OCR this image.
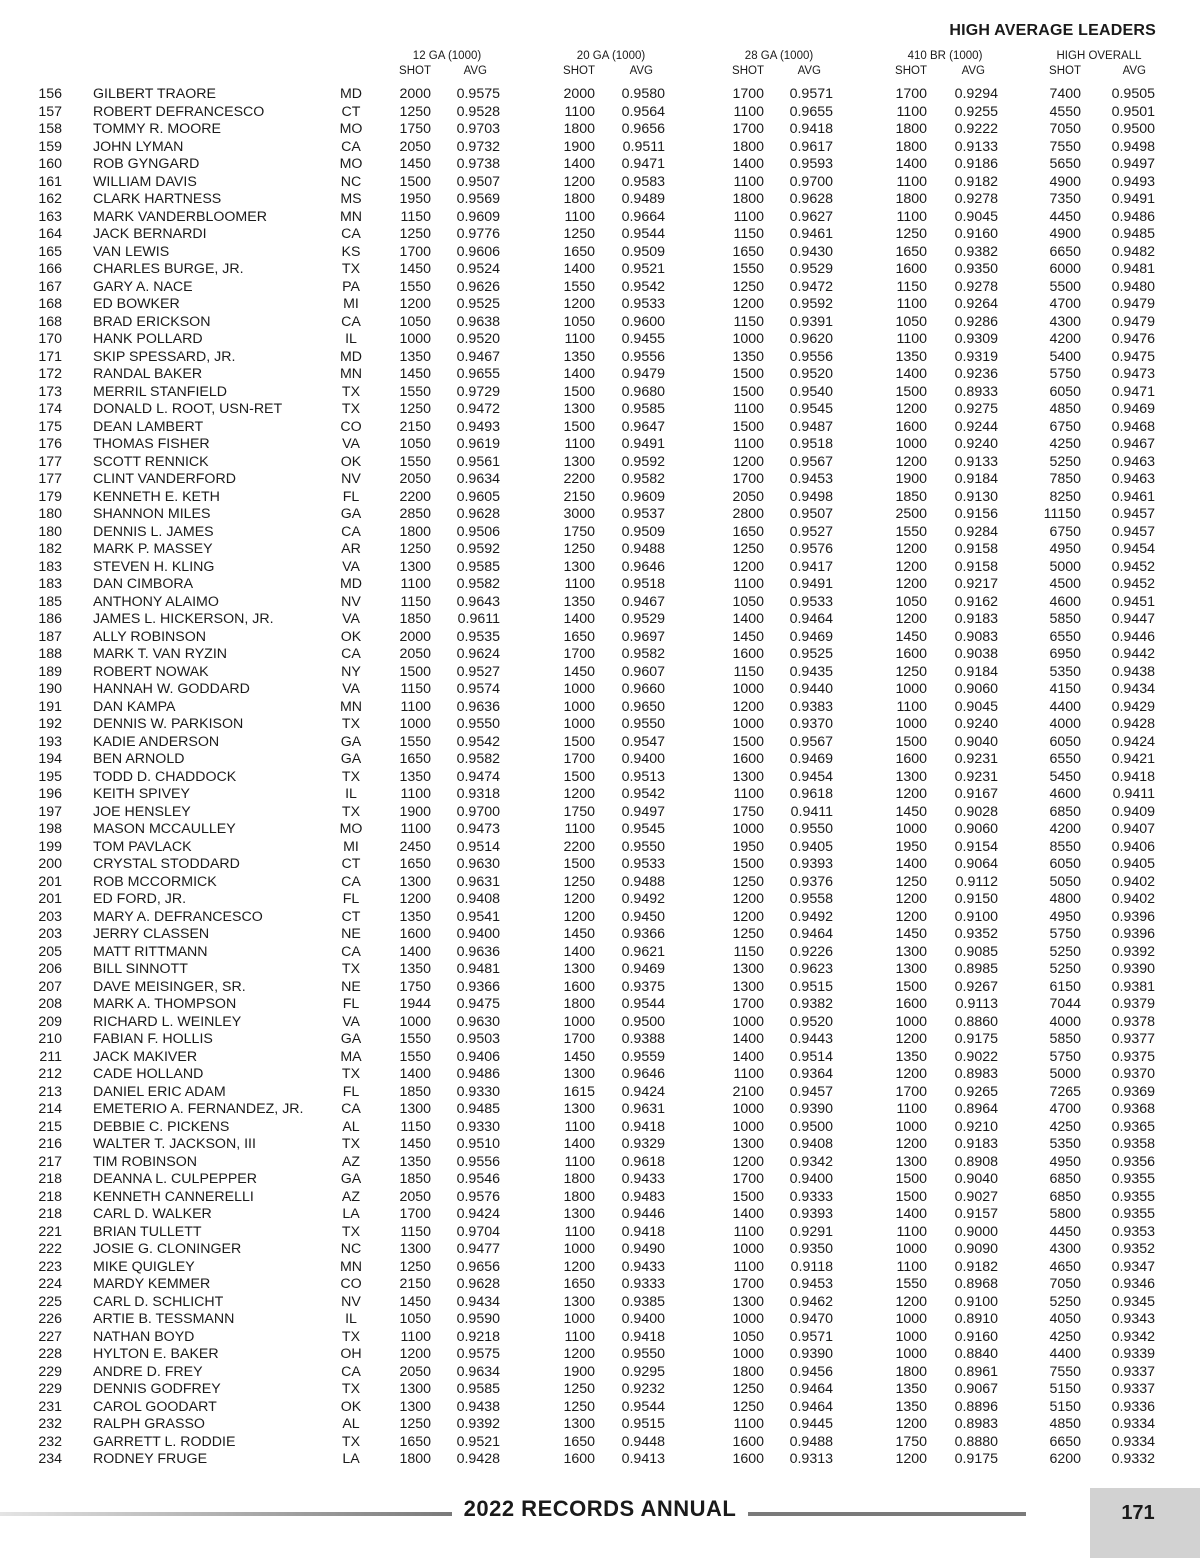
HIGH AVERAGE LEADERS
12 GA (1000)	20 GA (1000)	28 GA (1000)	410 BR (1000)	HIGH OVERALL
SHOT	AVG	SHOT	AVG	SHOT	AVG	SHOT	AVG	SHOT	AVG
156 GILBERT TRAORE	MD	2000 0.9575	2000 0.9580	1700 0.9571	1700 0.9294	7400 0.9505
157 ROBERT DEFRANCESCO	CT	1250 0.9528	1100 0.9564	1100 0.9655	1100 0.9255	4550 0.9501
158 TOMMY R. MOORE	MO	1750 0.9703	1800 0.9656	1700 0.9418	1800 0.9222	7050 0.9500
159 JOHN LYMAN	CA	2050 0.9732	1900 0.9511	1800 0.9617	1800 0.9133	7550 0.9498
160 ROB GYNGARD	MO	1450 0.9738	1400 0.9471	1400 0.9593	1400 0.9186	5650 0.9497
161 WILLIAM DAVIS	NC	1500 0.9507	1200 0.9583	1100 0.9700	1100 0.9182	4900 0.9493
162 CLARK HARTNESS	MS	1950 0.9569	1800 0.9489	1800 0.9628	1800 0.9278	7350 0.9491
163 MARK VANDERBLOOMER	MN	1150 0.9609	1100 0.9664	1100 0.9627	1100 0.9045	4450 0.9486
164 JACK BERNARDI	CA	1250 0.9776	1250 0.9544	1150 0.9461	1250 0.9160	4900 0.9485
165 VAN LEWIS	KS	1700 0.9606	1650 0.9509	1650 0.9430	1650 0.9382	6650 0.9482
166 CHARLES BURGE, JR.	TX	1450 0.9524	1400 0.9521	1550 0.9529	1600 0.9350	6000 0.9481
167 GARY A. NACE	PA	1550 0.9626	1550 0.9542	1250 0.9472	1150 0.9278	5500 0.9480
168 ED BOWKER	MI	1200 0.9525	1200 0.9533	1200 0.9592	1100 0.9264	4700 0.9479
168 BRAD ERICKSON	CA	1050 0.9638	1050 0.9600	1150 0.9391	1050 0.9286	4300 0.9479
170 HANK POLLARD	IL	1000 0.9520	1100 0.9455	1000 0.9620	1100 0.9309	4200 0.9476
171 SKIP SPESSARD, JR.	MD	1350 0.9467	1350 0.9556	1350 0.9556	1350 0.9319	5400 0.9475
172 RANDAL BAKER	MN	1450 0.9655	1400 0.9479	1500 0.9520	1400 0.9236	5750 0.9473
173 MERRIL STANFIELD	TX	1550 0.9729	1500 0.9680	1500 0.9540	1500 0.8933	6050 0.9471
174 DONALD L. ROOT, USN-RET	TX	1250 0.9472	1300 0.9585	1100 0.9545	1200 0.9275	4850 0.9469
175 DEAN LAMBERT	CO	2150 0.9493	1500 0.9647	1500 0.9487	1600 0.9244	6750 0.9468
176 THOMAS FISHER	VA	1050 0.9619	1100 0.9491	1100 0.9518	1000 0.9240	4250 0.9467
177 SCOTT RENNICK	OK	1550 0.9561	1300 0.9592	1200 0.9567	1200 0.9133	5250 0.9463
177 CLINT VANDERFORD	NV	2050 0.9634	2200 0.9582	1700 0.9453	1900 0.9184	7850 0.9463
179 KENNETH E. KETH	FL	2200 0.9605	2150 0.9609	2050 0.9498	1850 0.9130	8250 0.9461
180 SHANNON MILES	GA	2850 0.9628	3000 0.9537	2800 0.9507	2500 0.9156	11150 0.9457
180 DENNIS L. JAMES	CA	1800 0.9506	1750 0.9509	1650 0.9527	1550 0.9284	6750 0.9457
182 MARK P. MASSEY	AR	1250 0.9592	1250 0.9488	1250 0.9576	1200 0.9158	4950 0.9454
183 STEVEN H. KLING	VA	1300 0.9585	1300 0.9646	1200 0.9417	1200 0.9158	5000 0.9452
183 DAN CIMBORA	MD	1100 0.9582	1100 0.9518	1100 0.9491	1200 0.9217	4500 0.9452
185 ANTHONY ALAIMO	NV	1150 0.9643	1350 0.9467	1050 0.9533	1050 0.9162	4600 0.9451
186 JAMES L. HICKERSON, JR.	VA	1850 0.9611	1400 0.9529	1400 0.9464	1200 0.9183	5850 0.9447
187 ALLY ROBINSON	OK	2000 0.9535	1650 0.9697	1450 0.9469	1450 0.9083	6550 0.9446
188 MARK T. VAN RYZIN	CA	2050 0.9624	1700 0.9582	1600 0.9525	1600 0.9038	6950 0.9442
189 ROBERT NOWAK	NY	1500 0.9527	1450 0.9607	1150 0.9435	1250 0.9184	5350 0.9438
190 HANNAH W. GODDARD	VA	1150 0.9574	1000 0.9660	1000 0.9440	1000 0.9060	4150 0.9434
191 DAN KAMPA	MN	1100 0.9636	1000 0.9650	1200 0.9383	1100 0.9045	4400 0.9429
192 DENNIS W. PARKISON	TX	1000 0.9550	1000 0.9550	1000 0.9370	1000 0.9240	4000 0.9428
193 KADIE ANDERSON	GA	1550 0.9542	1500 0.9547	1500 0.9567	1500 0.9040	6050 0.9424
194 BEN ARNOLD	GA	1650 0.9582	1700 0.9400	1600 0.9469	1600 0.9231	6550 0.9421
195 TODD D. CHADDOCK	TX	1350 0.9474	1500 0.9513	1300 0.9454	1300 0.9231	5450 0.9418
196 KEITH SPIVEY	IL	1100 0.9318	1200 0.9542	1100 0.9618	1200 0.9167	4600 0.9411
197 JOE HENSLEY	TX	1900 0.9700	1750 0.9497	1750 0.9411	1450 0.9028	6850 0.9409
198 MASON MCCAULLEY	MO	1100 0.9473	1100 0.9545	1000 0.9550	1000 0.9060	4200 0.9407
199 TOM PAVLACK	MI	2450 0.9514	2200 0.9550	1950 0.9405	1950 0.9154	8550 0.9406
200 CRYSTAL STODDARD	CT	1650 0.9630	1500 0.9533	1500 0.9393	1400 0.9064	6050 0.9405
201 ROB MCCORMICK	CA	1300 0.9631	1250 0.9488	1250 0.9376	1250 0.9112	5050 0.9402
201 ED FORD, JR.	FL	1200 0.9408	1200 0.9492	1200 0.9558	1200 0.9150	4800 0.9402
203 MARY A. DEFRANCESCO	CT	1350 0.9541	1200 0.9450	1200 0.9492	1200 0.9100	4950 0.9396
203 JERRY CLASSEN	NE	1600 0.9400	1450 0.9366	1250 0.9464	1450 0.9352	5750 0.9396
205 MATT RITTMANN	CA	1400 0.9636	1400 0.9621	1150 0.9226	1300 0.9085	5250 0.9392
206 BILL SINNOTT	TX	1350 0.9481	1300 0.9469	1300 0.9623	1300 0.8985	5250 0.9390
207 DAVE MEISINGER, SR.	NE	1750 0.9366	1600 0.9375	1300 0.9515	1500 0.9267	6150 0.9381
208 MARK A. THOMPSON	FL	1944 0.9475	1800 0.9544	1700 0.9382	1600 0.9113	7044 0.9379
209 RICHARD L. WEINLEY	VA	1000 0.9630	1000 0.9500	1000 0.9520	1000 0.8860	4000 0.9378
210 FABIAN F. HOLLIS	GA	1550 0.9503	1700 0.9388	1400 0.9443	1200 0.9175	5850 0.9377
211 JACK MAKIVER	MA	1550 0.9406	1450 0.9559	1400 0.9514	1350 0.9022	5750 0.9375
212 CADE HOLLAND	TX	1400 0.9486	1300 0.9646	1100 0.9364	1200 0.8983	5000 0.9370
213 DANIEL ERIC ADAM	FL	1850 0.9330	1615 0.9424	2100 0.9457	1700 0.9265	7265 0.9369
214 EMETERIO A. FERNANDEZ, JR.	CA	1300 0.9485	1300 0.9631	1000 0.9390	1100 0.8964	4700 0.9368
215 DEBBIE C. PICKENS	AL	1150 0.9330	1100 0.9418	1000 0.9500	1000 0.9210	4250 0.9365
216 WALTER T. JACKSON, III	TX	1450 0.9510	1400 0.9329	1300 0.9408	1200 0.9183	5350 0.9358
217 TIM ROBINSON	AZ	1350 0.9556	1100 0.9618	1200 0.9342	1300 0.8908	4950 0.9356
218 DEANNA L. CULPEPPER	GA	1850 0.9546	1800 0.9433	1700 0.9400	1500 0.9040	6850 0.9355
218 KENNETH CANNERELLI	AZ	2050 0.9576	1800 0.9483	1500 0.9333	1500 0.9027	6850 0.9355
218 CARL D. WALKER	LA	1700 0.9424	1300 0.9446	1400 0.9393	1400 0.9157	5800 0.9355
221 BRIAN TULLETT	TX	1150 0.9704	1100 0.9418	1100 0.9291	1100 0.9000	4450 0.9353
222 JOSIE G. CLONINGER	NC	1300 0.9477	1000 0.9490	1000 0.9350	1000 0.9090	4300 0.9352
223 MIKE QUIGLEY	MN	1250 0.9656	1200 0.9433	1100 0.9118	1100 0.9182	4650 0.9347
224 MARDY KEMMER	CO	2150 0.9628	1650 0.9333	1700 0.9453	1550 0.8968	7050 0.9346
225 CARL D. SCHLICHT	NV	1450 0.9434	1300 0.9385	1300 0.9462	1200 0.9100	5250 0.9345
226 ARTIE B. TESSMANN	IL	1050 0.9590	1000 0.9400	1000 0.9470	1000 0.8910	4050 0.9343
227 NATHAN BOYD	TX	1100 0.9218	1100 0.9418	1050 0.9571	1000 0.9160	4250 0.9342
228 HYLTON E. BAKER	OH	1200 0.9575	1200 0.9550	1000 0.9390	1000 0.8840	4400 0.9339
229 ANDRE D. FREY	CA	2050 0.9634	1900 0.9295	1800 0.9456	1800 0.8961	7550 0.9337
229 DENNIS GODFREY	TX	1300 0.9585	1250 0.9232	1250 0.9464	1350 0.9067	5150 0.9337
231 CAROL GOODART	OK	1300 0.9438	1250 0.9544	1250 0.9464	1350 0.8896	5150 0.9336
232 RALPH GRASSO	AL	1250 0.9392	1300 0.9515	1100 0.9445	1200 0.8983	4850 0.9334
232 GARRETT L. RODDIE	TX	1650 0.9521	1650 0.9448	1600 0.9488	1750 0.8880	6650 0.9334
234 RODNEY FRUGE	LA	1800 0.9428	1600 0.9413	1600 0.9313	1200 0.9175	6200 0.9332
2022 RECORDS ANNUAL	171
